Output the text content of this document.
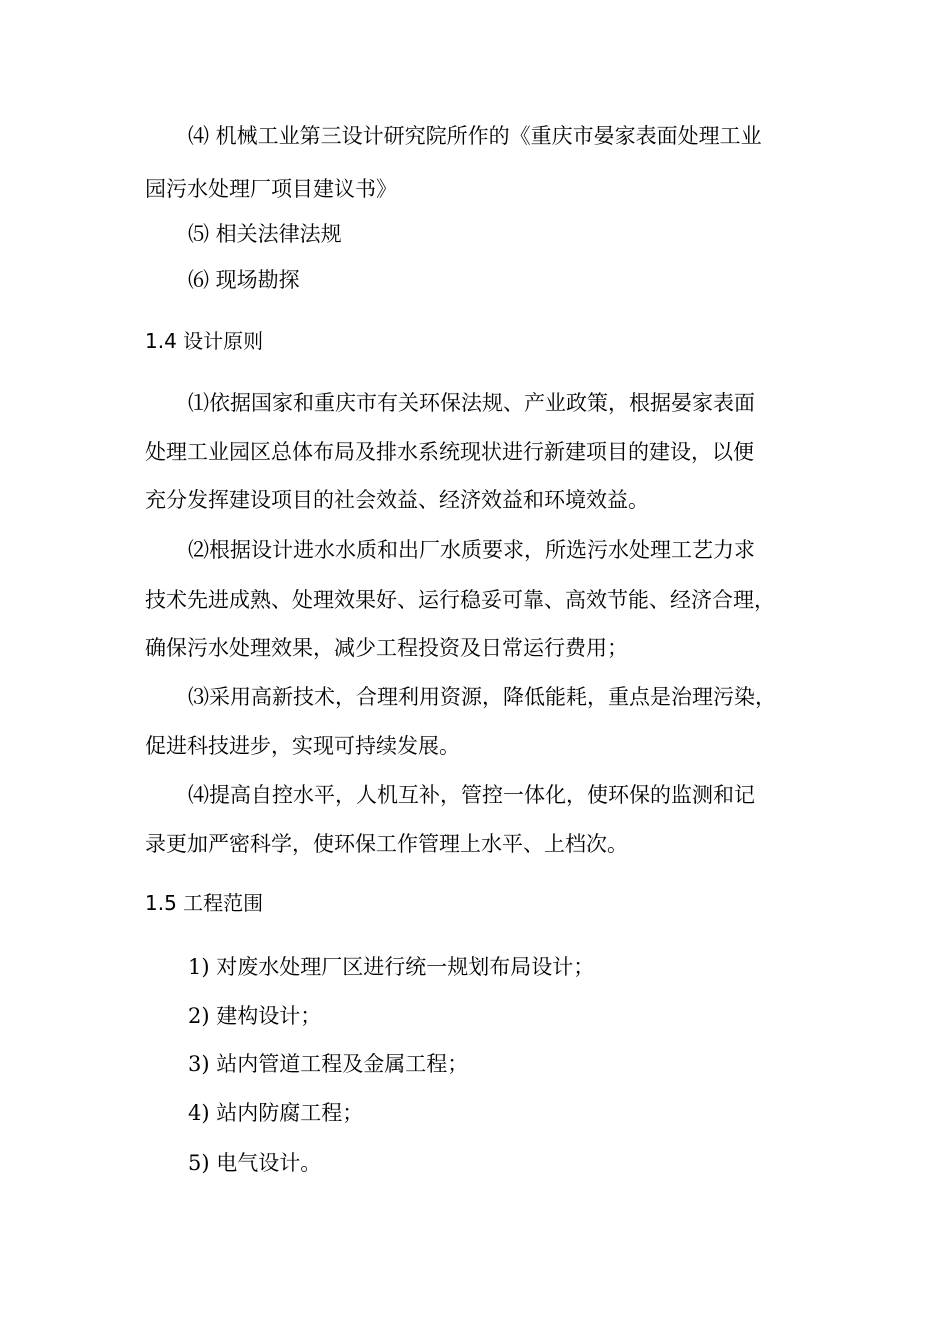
⑷ 机械工业第三设计研究院所作的《重庆市晏家表面处理工业
园污水处理厂项目建议书》
⑸ 相关法律法规
⑹ 现场勘探
1.4 设计原则
⑴依据国家和重庆市有关环保法规、产业政策，根据晏家表面
处理工业园区总体布局及排水系统现状进行新建项目的建设，以便
充分发挥建设项目的社会效益、经济效益和环境效益。
⑵根据设计进水水质和出厂水质要求，所选污水处理工艺力求
技术先进成熟、处理效果好、运行稳妥可靠、高效节能、经济合理，
确保污水处理效果，减少工程投资及日常运行费用；
⑶采用高新技术，合理利用资源，降低能耗，重点是治理污染，
促进科技进步，实现可持续发展。
⑷提高自控水平，人机互补，管控一体化，使环保的监测和记
录更加严密科学，使环保工作管理上水平、上档次。
1.5 工程范围
1) 对废水处理厂区进行统一规划布局设计；
2) 建构设计；
3) 站内管道工程及金属工程；
4) 站内防腐工程；
5) 电气设计。
